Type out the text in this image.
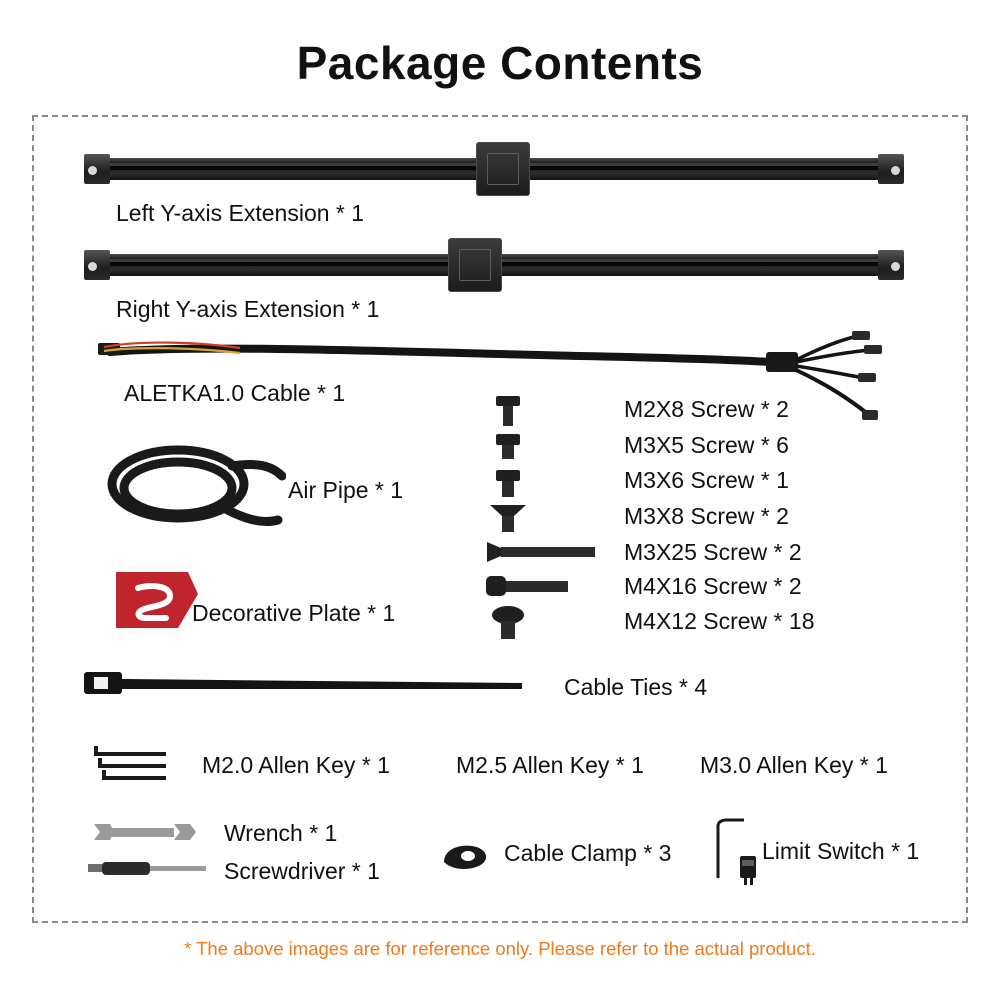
Package Contents
Left Y-axis Extension * 1
Right Y-axis Extension * 1
ALETKA1.0 Cable * 1
Air Pipe * 1
Decorative Plate * 1
M2X8 Screw * 2
M3X5 Screw * 6
M3X6 Screw * 1
M3X8 Screw * 2
M3X25 Screw * 2
M4X16 Screw * 2
M4X12 Screw * 18
Cable Ties * 4
M2.0 Allen Key * 1	M2.5 Allen Key * 1 M3.0 Allen Key * 1
Wrench * 1
Screwdriver * 1
Cable Clamp * 3	Limit Switch * 1
* The above images are for reference only. Please refer to the actual product.
